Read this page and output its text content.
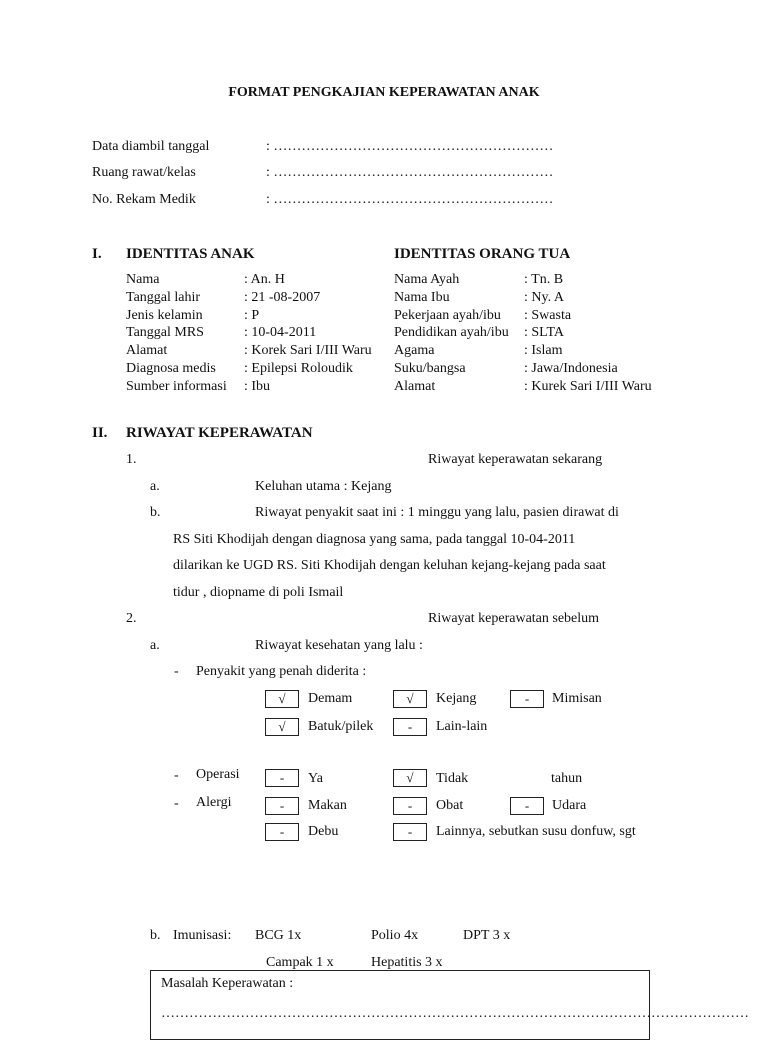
FORMAT PENGKAJIAN KEPERAWATAN ANAK
Data diambil tanggal	: ……………………………………………………
Ruang rawat/kelas	: ……………………………………………………
No. Rekam Medik	: ……………………………………………………
I. IDENTITAS ANAK	IDENTITAS ORANG TUA
Nama	: An. H
Tanggal lahir	: 21 -08-2007
Jenis kelamin	: P
Tanggal MRS	: 10-04-2011
Alamat	: Korek Sari I/III Waru
Diagnosa medis : Epilepsi Roloudik
Sumber informasi : Ibu
Nama Ayah	: Tn. B
Nama Ibu	: Ny. A
Pekerjaan ayah/ibu : Swasta
Pendidikan ayah/ibu : SLTA
Agama	: Islam
Suku/bangsa	: Jawa/Indonesia
Alamat	: Kurek Sari I/III Waru
II. RIWAYAT KEPERAWATAN
1.	Riwayat keperawatan sekarang
a.	Keluhan utama : Kejang
b.	Riwayat penyakit saat ini : 1 minggu yang lalu, pasien dirawat di
RS Siti Khodijah dengan diagnosa yang sama, pada tanggal 10-04-2011
dilarikan ke UGD RS. Siti Khodijah dengan keluhan kejang-kejang pada saat
tidur , diopname di poli Ismail
2.	Riwayat keperawatan sebelum
a.	Riwayat kesehatan yang lalu :
- Penyakit yang penah diderita :
√	Demam	√	Kejang	-	Mimisan
√	Batuk/pilek	-	Lain-lain
- Operasi	-	Ya	√	Tidak	tahun
- Alergi	-	Makan	-	Obat	-	Udara
-	Debu	-	Lainnya, sebutkan susu donfuw, sgt
b. Imunisasi: BCG 1x	Polio 4x	DPT 3 x
Campak 1 x	Hepatitis 3 x
Masalah Keperawatan :
………………………………………………………………………………………………………………
